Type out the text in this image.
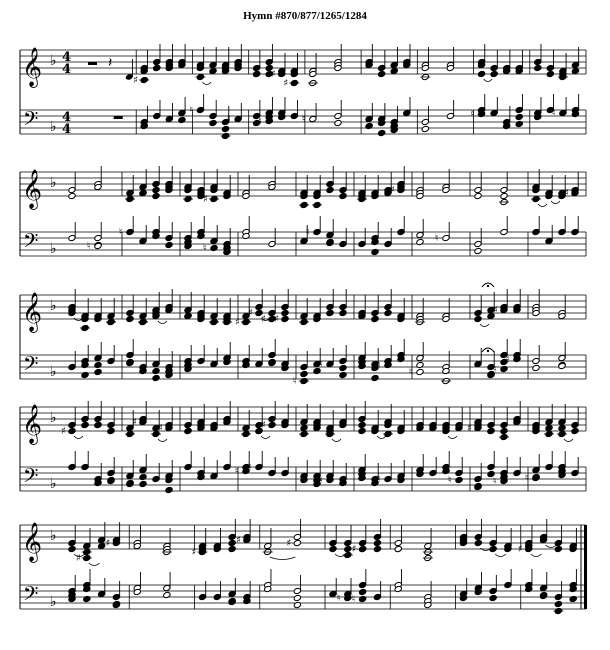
Hymn #870/877/1265/1284
𝄞
𝄢
♭
♭
4
4
4
4
𝄽
♯
♮
♮	♮
♯
♯
♮	♮	♮
𝄞
𝄢
♭
♭	♮
♮
♯
♮
♮
♯
♮
♯
𝄞
𝄢
♭
♭
♯
♯
♯ ♯
♮
♮	♮
♮
♯
♮
♮
𝄞
𝄢
♭
♭
♯
♯
♯
♮ ♮
♯
♮	♮	♮
♯
♮	♮
𝄞
𝄢
♭
♭
♯
♯
♯
♯	♯
♮
♯
♮
♯
